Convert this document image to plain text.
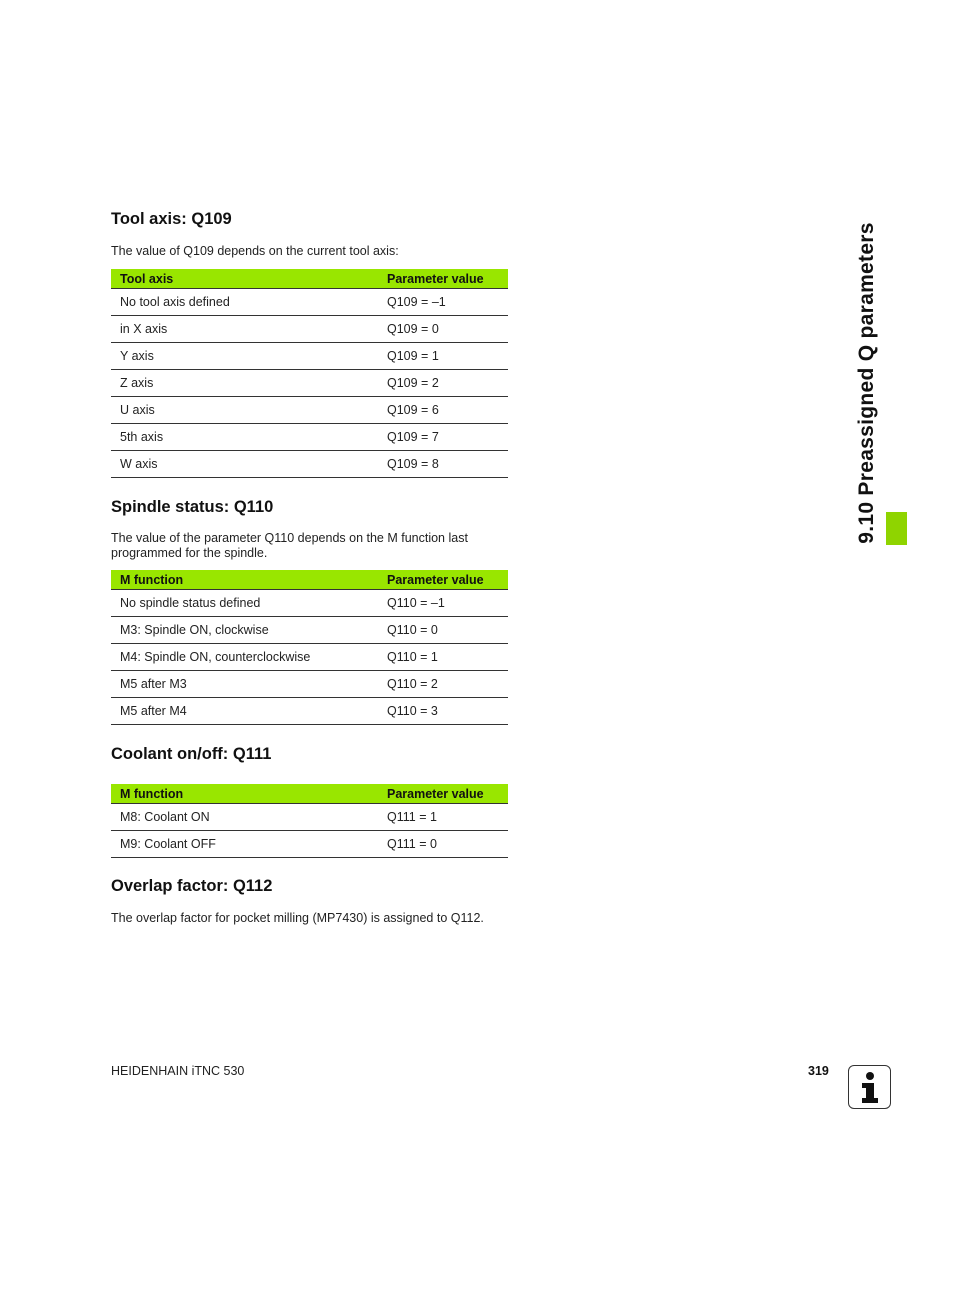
Tool axis: Q109

The value of Q109 depends on the current tool axis:

Tool axis	Parameter value
No tool axis defined	Q109 = –1
in X axis	Q109 = 0
Y axis	Q109 = 1
Z axis	Q109 = 2
U axis	Q109 = 6
5th axis	Q109 = 7
W axis	Q109 = 8
Spindle status: Q110

The value of the parameter Q110 depends on the M function last programmed for the spindle.

M function	Parameter value
No spindle status defined	Q110 = –1
M3: Spindle ON, clockwise	Q110 = 0
M4: Spindle ON, counterclockwise	Q110 = 1
M5 after M3	Q110 = 2
M5 after M4	Q110 = 3
Coolant on/off: Q111
M function	Parameter value
M8: Coolant ON	Q111 = 1
M9: Coolant OFF	Q111 = 0
Overlap factor: Q112

The overlap factor for pocket milling (MP7430) is assigned to Q112.

9.10 Preassigned Q parameters
HEIDENHAIN iTNC 530	319
